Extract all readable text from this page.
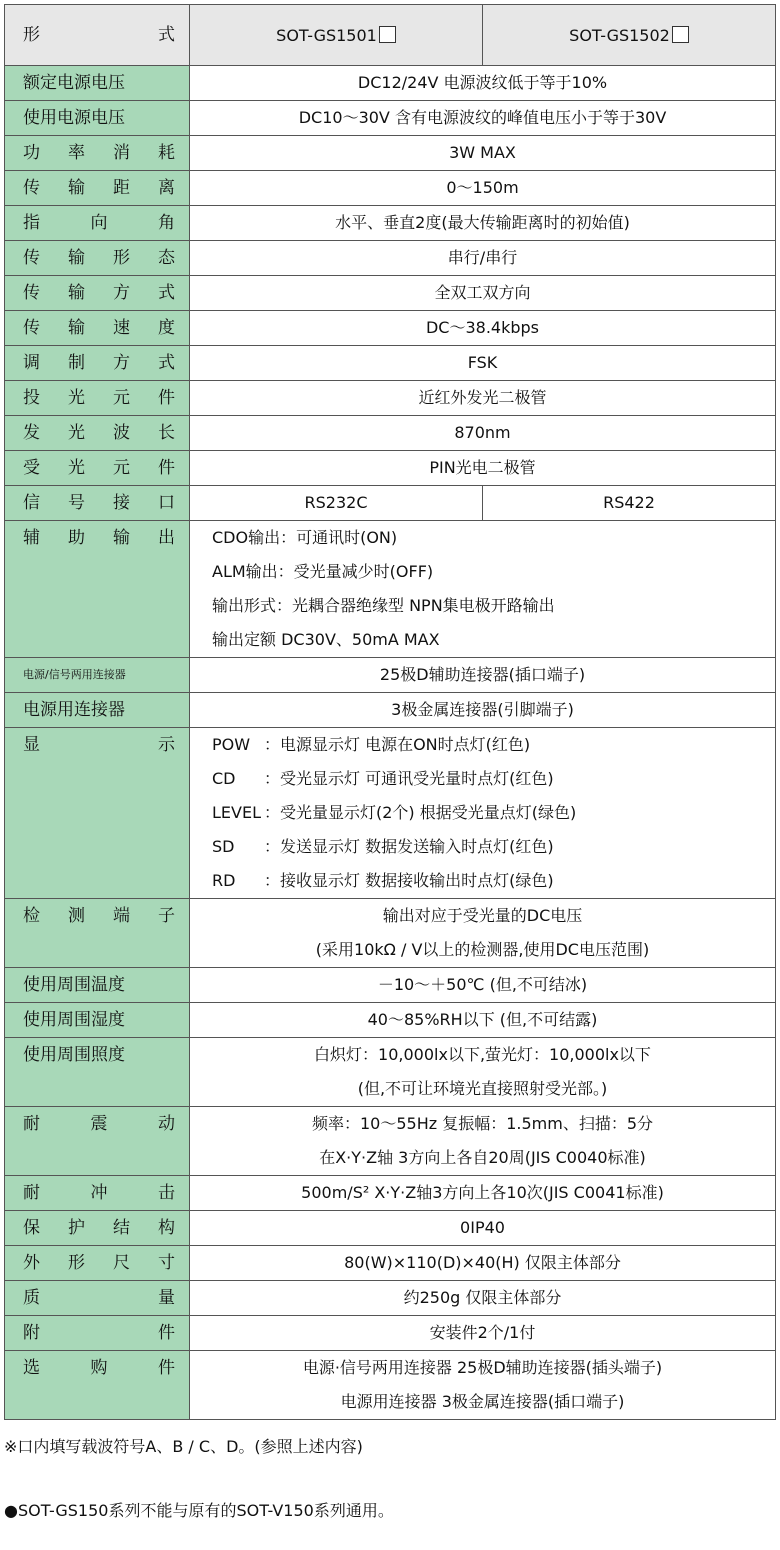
形式	SOT-GS1501	SOT-GS1502

额定电源电压	DC12/24V 电源波纹低于等于10%	

使用电源电压	DC10～30V 含有电源波纹的峰值电压小于等于30V	

功率消耗	3W MAX	

传输距离	0～150m	

指向角	水平、垂直2度(最大传输距离时的初始值)	

传输形态	串行/串行	

传输方式	全双工双方向	

传输速度	DC～38.4kbps	

调制方式	FSK	

投光元件	近红外发光二极管	

发光波长	870nm	

受光元件	PIN光电二极管	

信号接口	RS232C	RS422

辅助输出	CDO输出：可通讯时(ON)
ALM输出：受光量减少时(OFF)
输出形式：光耦合器绝缘型 NPN集电极开路输出
输出定额 DC30V、50mA MAX	

电源/信号两用连接器	25极D辅助连接器(插口端子)	

电源用连接器	3极金属连接器(引脚端子)	

显示	POW ：电源显示灯 电源在ON时点灯(红色)
CD ：受光显示灯 可通讯受光量时点灯(红色)
LEVEL ：受光量显示灯(2个) 根据受光量点灯(绿色)
SD ：发送显示灯 数据发送输入时点灯(红色)
RD ：接收显示灯 数据接收输出时点灯(绿色)	

检测端子	输出对应于受光量的DC电压
(采用10kΩ / V以上的检测器,使用DC电压范围)	

使用周围温度	－10～＋50℃ (但,不可结冰)	

使用周围湿度	40～85%RH以下 (但,不可结露)	

使用周围照度	白炽灯：10,000lx以下,萤光灯：10,000lx以下
(但,不可让环境光直接照射受光部。)	

耐震动	频率：10～55Hz 复振幅：1.5mm、扫描：5分
在X·Y·Z轴 3方向上各自20周(JIS C0040标准)	

耐冲击	500m/S² X·Y·Z轴3方向上各10次(JIS C0041标准)	

保护结构	0IP40	

外形尺寸	80(W)×110(D)×40(H) 仅限主体部分	

质量	约250g 仅限主体部分	

附件	安装件2个/1付	

选购件	电源·信号两用连接器 25极D辅助连接器(插头端子)
电源用连接器 3极金属连接器(插口端子)	
※口内填写载波符号A、B / C、D。(参照上述内容)
●SOT-GS150系列不能与原有的SOT-V150系列通用。
